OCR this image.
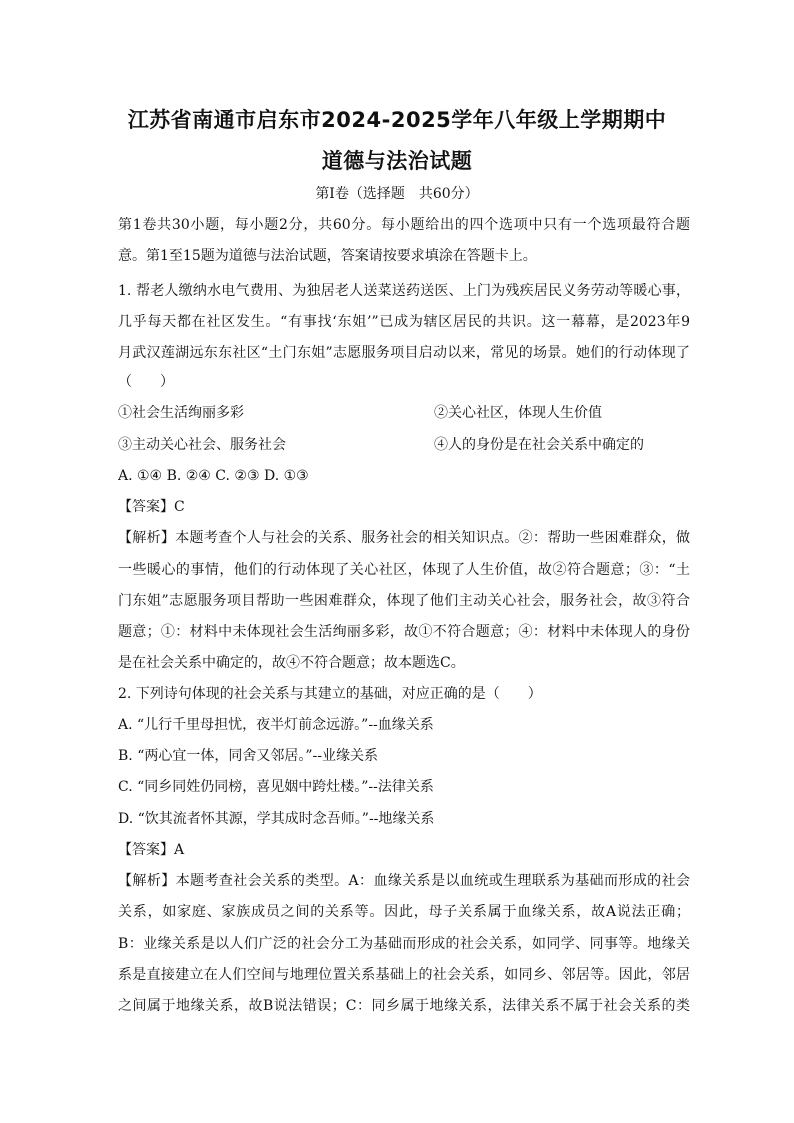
江苏省南通市启东市2024-2025学年八年级上学期期中
道德与法治试题
第Ⅰ卷（选择题　共60分）
第1卷共30小题，每小题2分，共60分。每小题给出的四个选项中只有一个选项最符合题
意。第1至15题为道德与法治试题，答案请按要求填涂在答题卡上。
1. 帮老人缴纳水电气费用、为独居老人送菜送药送医、上门为残疾居民义务劳动等暖心事，
几乎每天都在社区发生。“有事找‘东姐’”已成为辖区居民的共识。这一幕幕，是2023年9
月武汉莲湖远东东社区“土门东姐”志愿服务项目启动以来，常见的场景。她们的行动体现了
（　　）
①社会生活绚丽多彩	②关心社区，体现人生价值
③主动关心社会、服务社会	④人的身份是在社会关系中确定的
A. ①④ B. ②④ C. ②③ D. ①③
【答案】C
【解析】本题考查个人与社会的关系、服务社会的相关知识点。②：帮助一些困难群众，做
一些暖心的事情，他们的行动体现了关心社区，体现了人生价值，故②符合题意；③：“土
门东姐”志愿服务项目帮助一些困难群众，体现了他们主动关心社会，服务社会，故③符合
题意；①：材料中未体现社会生活绚丽多彩，故①不符合题意；④：材料中未体现人的身份
是在社会关系中确定的，故④不符合题意；故本题选C。
2. 下列诗句体现的社会关系与其建立的基础，对应正确的是（　　）
A. “儿行千里母担忧，夜半灯前念远游。”--血缘关系
B. “两心宜一体，同舍又邻居。”--业缘关系
C. “同乡同姓仍同榜，喜见姻中跨灶楼。”--法律关系
D. “饮其流者怀其源，学其成时念吾师。”--地缘关系
【答案】A
【解析】本题考查社会关系的类型。A：血缘关系是以血统或生理联系为基础而形成的社会
关系，如家庭、家族成员之间的关系等。因此，母子关系属于血缘关系，故A说法正确；
B：业缘关系是以人们广泛的社会分工为基础而形成的社会关系，如同学、同事等。地缘关
系是直接建立在人们空间与地理位置关系基础上的社会关系，如同乡、邻居等。因此，邻居
之间属于地缘关系，故B说法错误；C：同乡属于地缘关系，法律关系不属于社会关系的类
